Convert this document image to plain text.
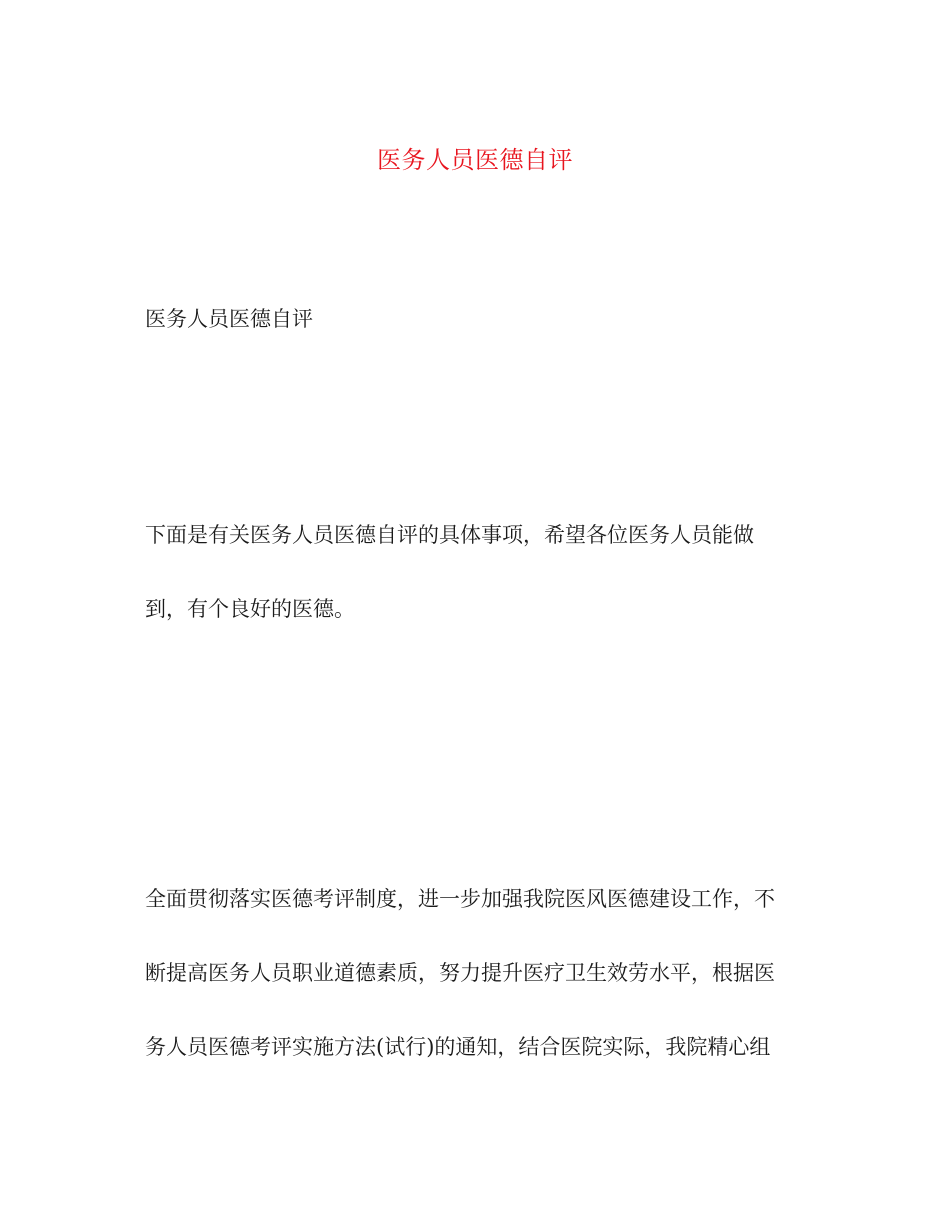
医务人员医德自评
医务人员医德自评
下面是有关医务人员医德自评的具体事项，希望各位医务人员能做
到，有个良好的医德。
全面贯彻落实医德考评制度，进一步加强我院医风医德建设工作，不
断提高医务人员职业道德素质，努力提升医疗卫生效劳水平，根据医
务人员医德考评实施方法(试行)的通知，结合医院实际，我院精心组
